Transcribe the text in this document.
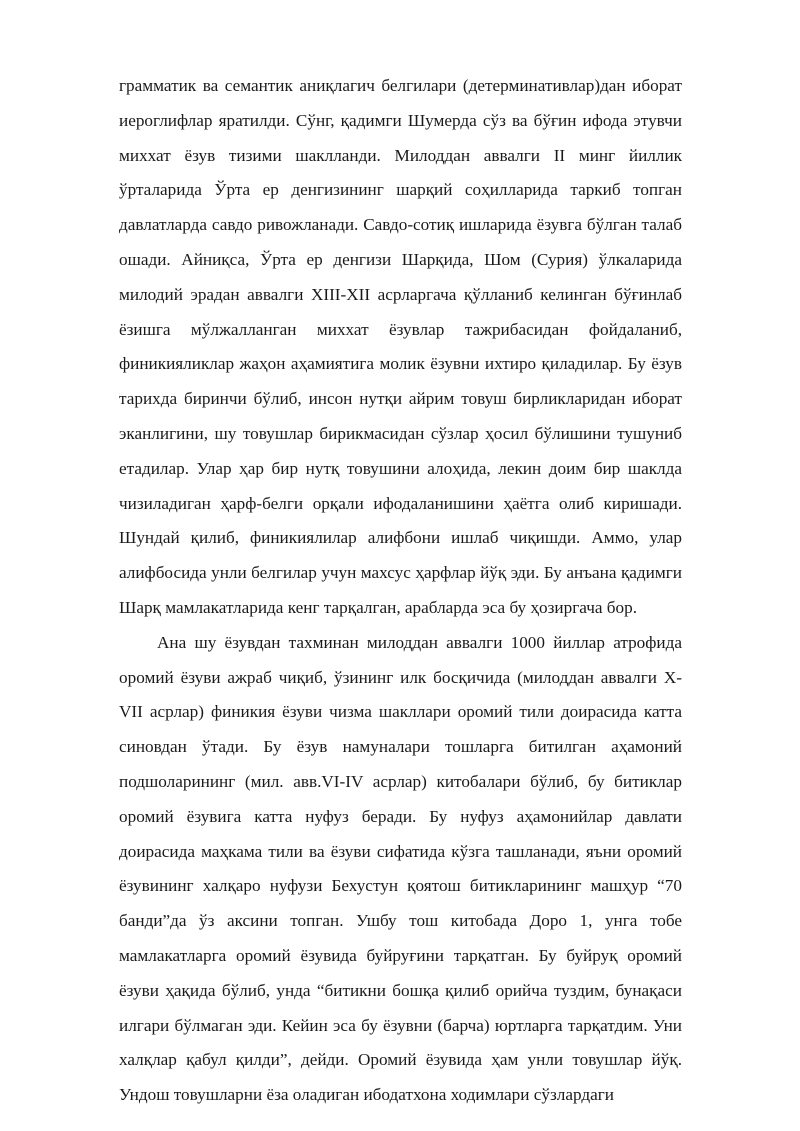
грамматик ва семантик аниқлагич белгилари (детерминативлар)дан иборат иероглифлар яратилди. Сўнг, қадимги Шумерда сўз ва бўғин ифода этувчи миххат ёзув тизими шаклланди. Милоддан аввалги II минг йиллик ўрталарида Ўрта ер денгизининг шарқий соҳилларида таркиб топган давлатларда савдо ривожланади. Савдо-сотиқ ишларида ёзувга бўлган талаб ошади. Айниқса, Ўрта ер денгизи Шарқида, Шом (Сурия) ўлкаларида милодий эрадан аввалги XIII-XII асрларгача қўлланиб келинган бўғинлаб ёзишга мўлжалланган миххат ёзувлар тажрибасидан фойдаланиб, финикияликлар жаҳон аҳамиятига молик ёзувни ихтиро қиладилар. Бу ёзув тарихда биринчи бўлиб, инсон нутқи айрим товуш бирликларидан иборат эканлигини, шу товушлар бирикмасидан сўзлар ҳосил бўлишини тушуниб етадилар. Улар ҳар бир нутқ товушини алоҳида, лекин доим бир шаклда чизиладиган ҳарф-белги орқали ифодаланишини ҳаётга олиб киришади. Шундай қилиб, финикиялилар алифбони ишлаб чиқишди. Аммо, улар алифбосида унли белгилар учун махсус ҳарфлар йўқ эди. Бу анъана қадимги Шарқ мамлакатларида кенг тарқалган, арабларда эса бу ҳозиргача бор.

Ана шу ёзувдан тахминан милоддан аввалги 1000 йиллар атрофида оромий ёзуви ажраб чиқиб, ўзининг илк босқичида (милоддан аввалги X-VII асрлар) финикия ёзуви чизма шакллари оромий тили доирасида катта синовдан ўтади. Бу ёзув намуналари тошларга битилган аҳамоний подшоларининг (мил. авв.VI-IV асрлар) китобалари бўлиб, бу битиклар оромий ёзувига катта нуфуз беради. Бу нуфуз аҳамонийлар давлати доирасида маҳкама тили ва ёзуви сифатида кўзга ташланади, яъни оромий ёзувининг халқаро нуфузи Бехустун қоятош битикларининг машҳур “70 банди”да ўз аксини топган. Ушбу тош китобада Доро 1, унга тобе мамлакатларга оромий ёзувида буйруғини тарқатган. Бу буйруқ оромий ёзуви ҳақида бўлиб, унда “битикни бошқа қилиб орийча туздим, бунақаси илгари бўлмаган эди. Кейин эса бу ёзувни (барча) юртларга тарқатдим. Уни халқлар қабул қилди”, дейди. Оромий ёзувида ҳам унли товушлар йўқ. Ундош товушларни ёза оладиган ибодатхона ходимлари сўзлардаги
